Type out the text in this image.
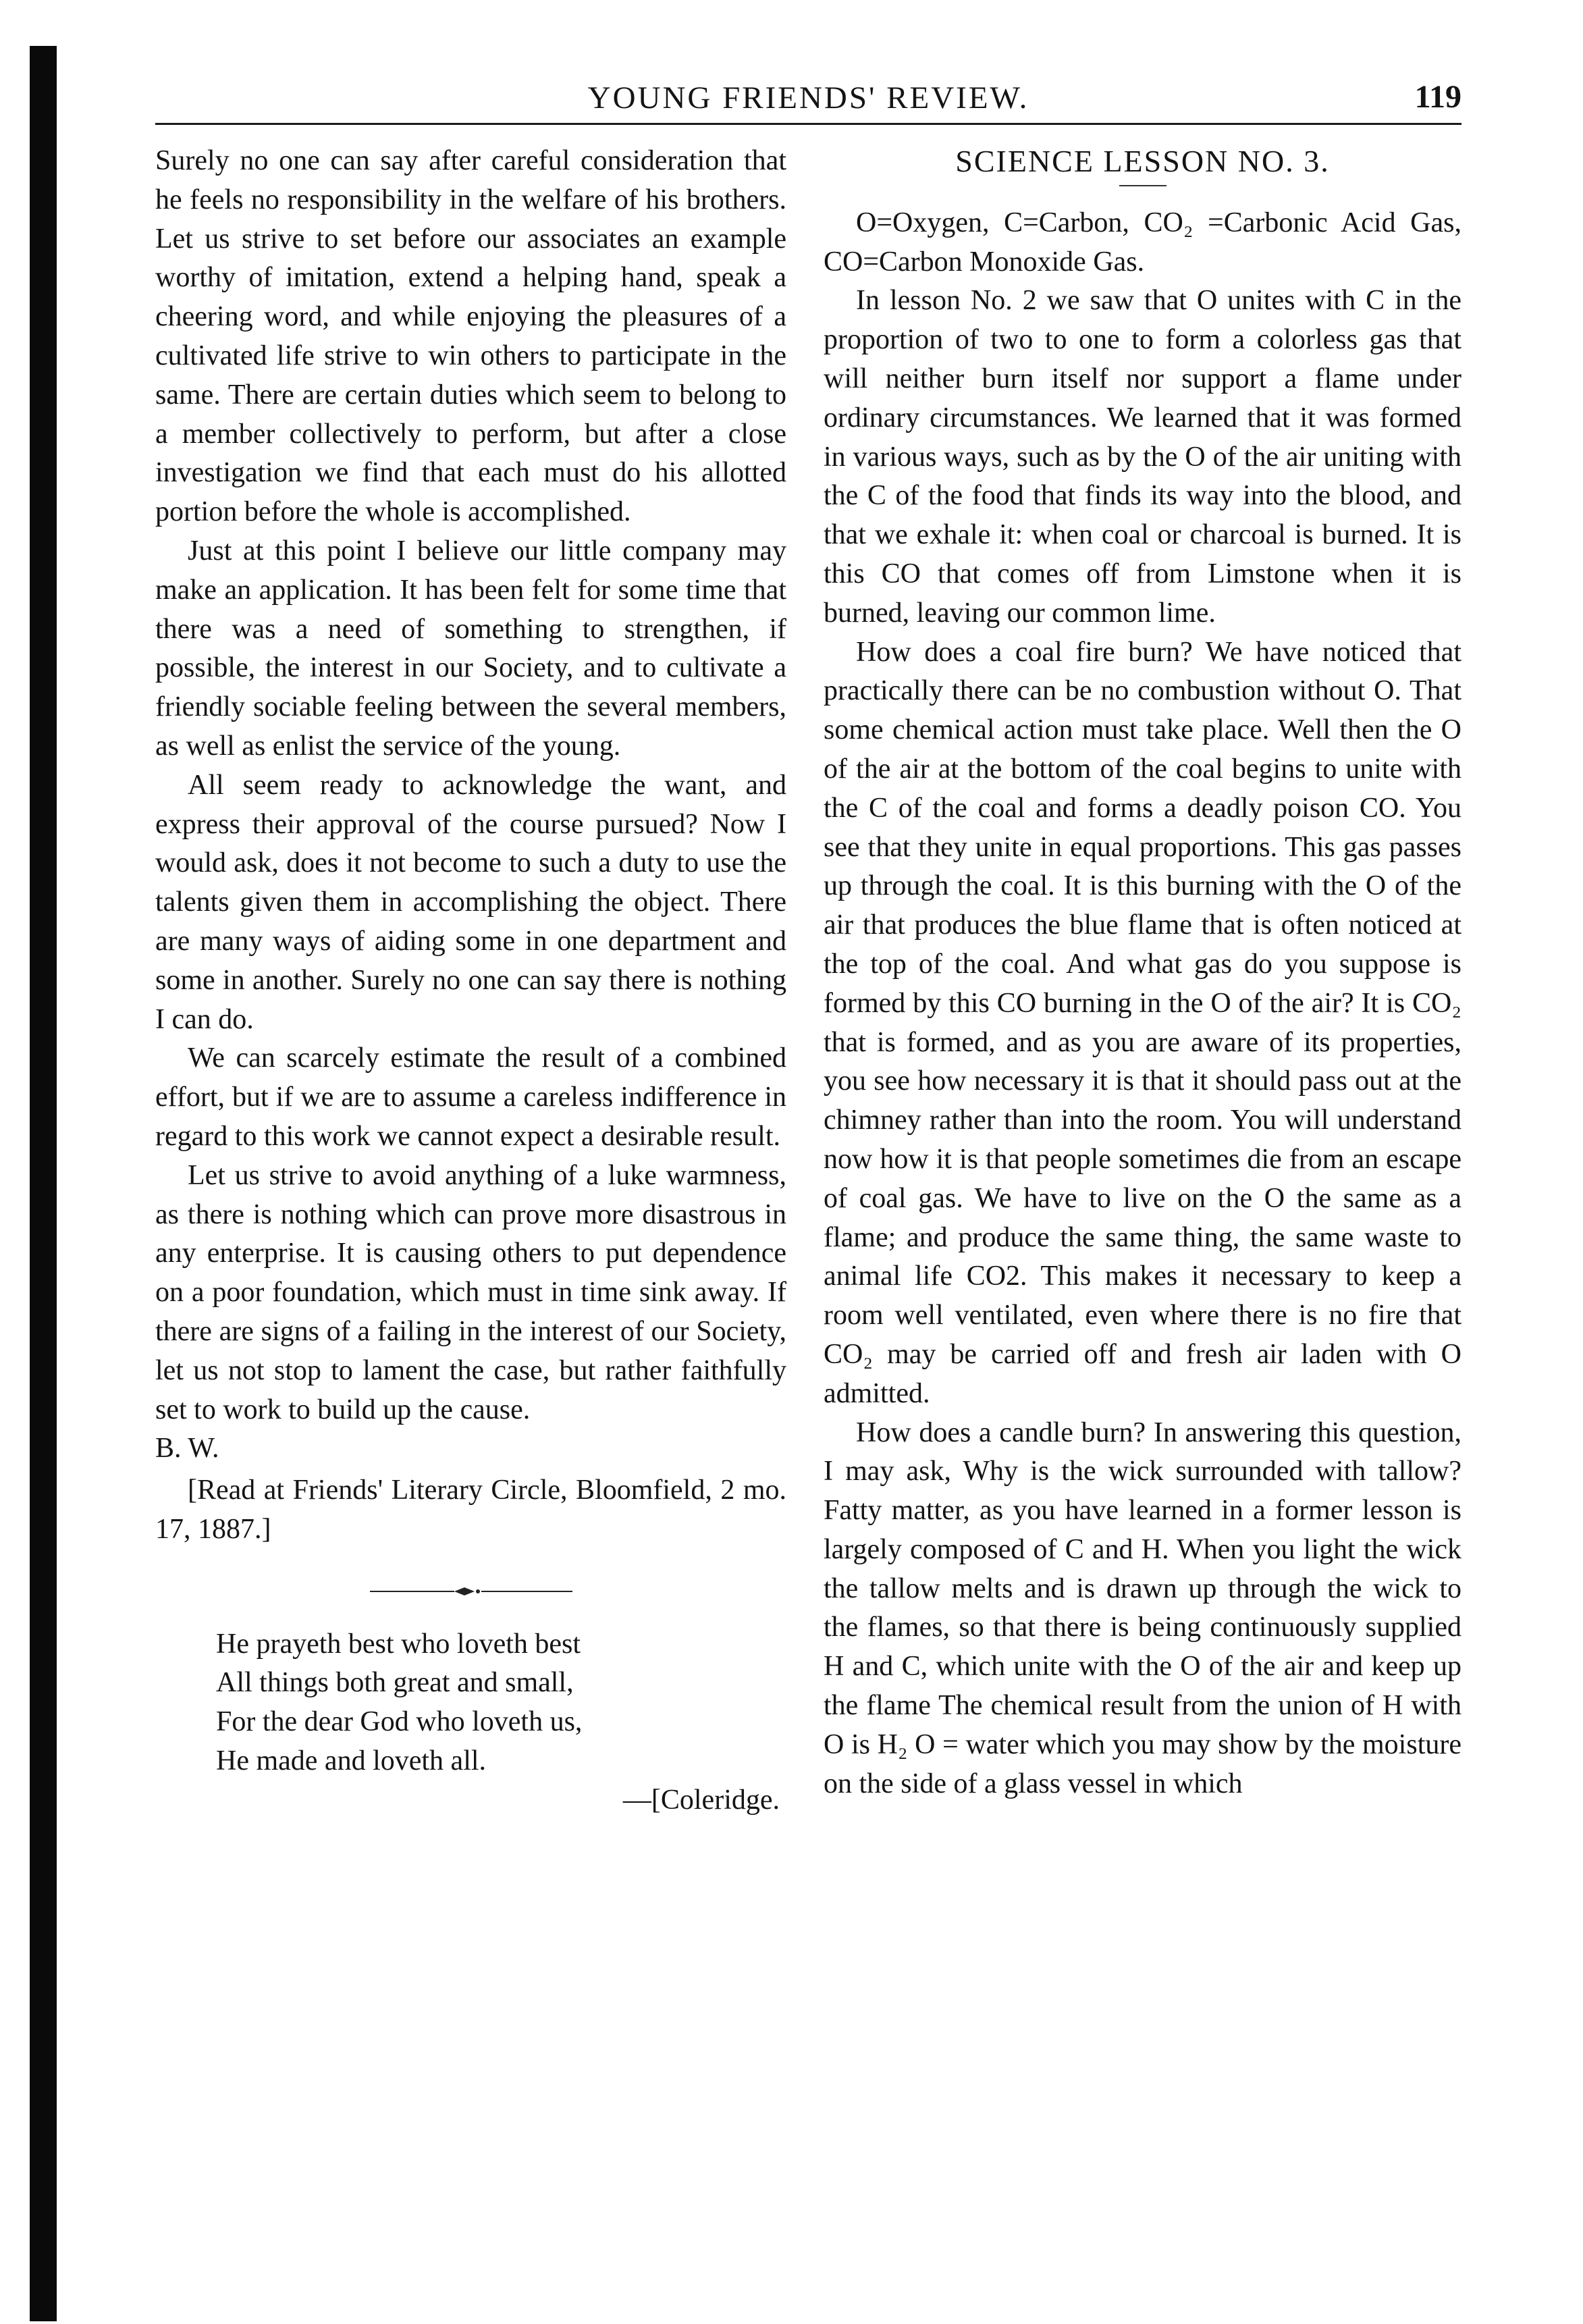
YOUNG FRIENDS' REVIEW.	119

Surely no one can say after careful consideration that he feels no responsibility in the welfare of his brothers. Let us strive to set before our associates an example worthy of imitation, extend a helping hand, speak a cheering word, and while enjoying the pleasures of a cultivated life strive to win others to participate in the same. There are certain duties which seem to belong to a member collectively to perform, but after a close investigation we find that each must do his allotted portion before the whole is accomplished.

Just at this point I believe our little company may make an application. It has been felt for some time that there was a need of something to strengthen, if possible, the interest in our Society, and to cultivate a friendly sociable feeling between the several members, as well as enlist the service of the young.

All seem ready to acknowledge the want, and express their approval of the course pursued? Now I would ask, does it not become to such a duty to use the talents given them in accomplishing the object. There are many ways of aiding some in one department and some in another. Surely no one can say there is nothing I can do.

We can scarcely estimate the result of a combined effort, but if we are to assume a careless indifference in regard to this work we cannot expect a desirable result.

Let us strive to avoid anything of a luke warmness, as there is nothing which can prove more disastrous in any enterprise. It is causing others to put dependence on a poor foundation, which must in time sink away. If there are signs of a failing in the interest of our Society, let us not stop to lament the case, but rather faithfully set to work to build up the cause.

B. W.

[Read at Friends' Literary Circle, Bloomfield, 2 mo. 17, 1887.]

He prayeth best who loveth best
All things both great and small,
For the dear God who loveth us,
He made and loveth all.
—[Coleridge.
SCIENCE LESSON NO. 3.

O=Oxygen, C=Carbon, CO₂ =Carbonic Acid Gas, CO=Carbon Monoxide Gas.

In lesson No. 2 we saw that O unites with C in the proportion of two to one to form a colorless gas that will neither burn itself nor support a flame under ordinary circumstances. We learned that it was formed in various ways, such as by the O of the air uniting with the C of the food that finds its way into the blood, and that we exhale it: when coal or charcoal is burned. It is this CO that comes off from Limstone when it is burned, leaving our common lime.

How does a coal fire burn? We have noticed that practically there can be no combustion without O. That some chemical action must take place. Well then the O of the air at the bottom of the coal begins to unite with the C of the coal and forms a deadly poison CO. You see that they unite in equal proportions. This gas passes up through the coal. It is this burning with the O of the air that produces the blue flame that is often noticed at the top of the coal. And what gas do you suppose is formed by this CO burning in the O of the air? It is CO₂ that is formed, and as you are aware of its properties, you see how necessary it is that it should pass out at the chimney rather than into the room. You will understand now how it is that people sometimes die from an escape of coal gas. We have to live on the O the same as a flame; and produce the same thing, the same waste to animal life CO2. This makes it necessary to keep a room well ventilated, even where there is no fire that CO₂ may be carried off and fresh air laden with O admitted.

How does a candle burn? In answering this question, I may ask, Why is the wick surrounded with tallow? Fatty matter, as you have learned in a former lesson is largely composed of C and H. When you light the wick the tallow melts and is drawn up through the wick to the flames, so that there is being continuously supplied H and C, which unite with the O of the air and keep up the flame The chemical result from the union of H with O is H₂ O = water which you may show by the moisture on the side of a glass vessel in which
